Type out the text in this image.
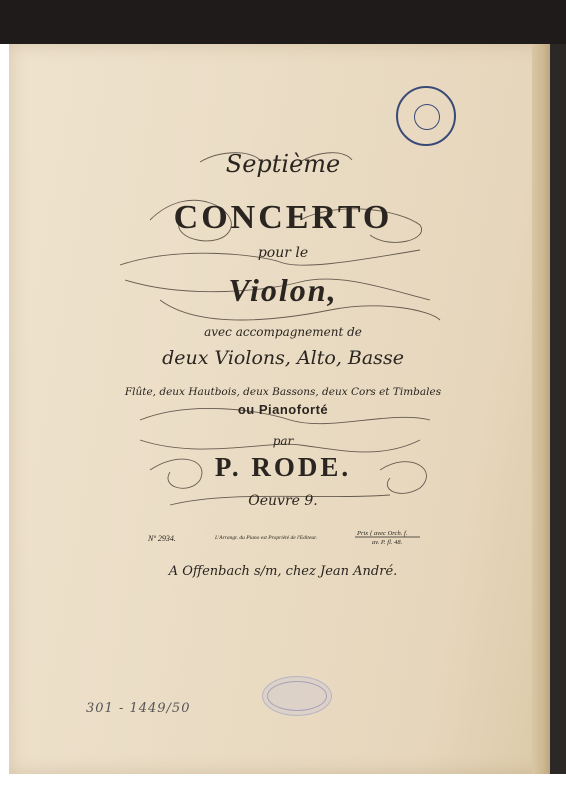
Septième
CONCERTO
pour le
Violon,
avec accompagnement de
deux Violons, Alto, Basse
Flûte, deux Hautbois, deux Bassons, deux Cors et Timbales
ou Pianoforté
par
P. RODE.
Oeuvre 9.
Nº 2934.	L'Arrangt. du Piano est Propriété de l'Editeur.
Prix { avec Orch. f.
av. P. fl. 48.
A Offenbach s/m, chez Jean André.
301 - 1449/50
